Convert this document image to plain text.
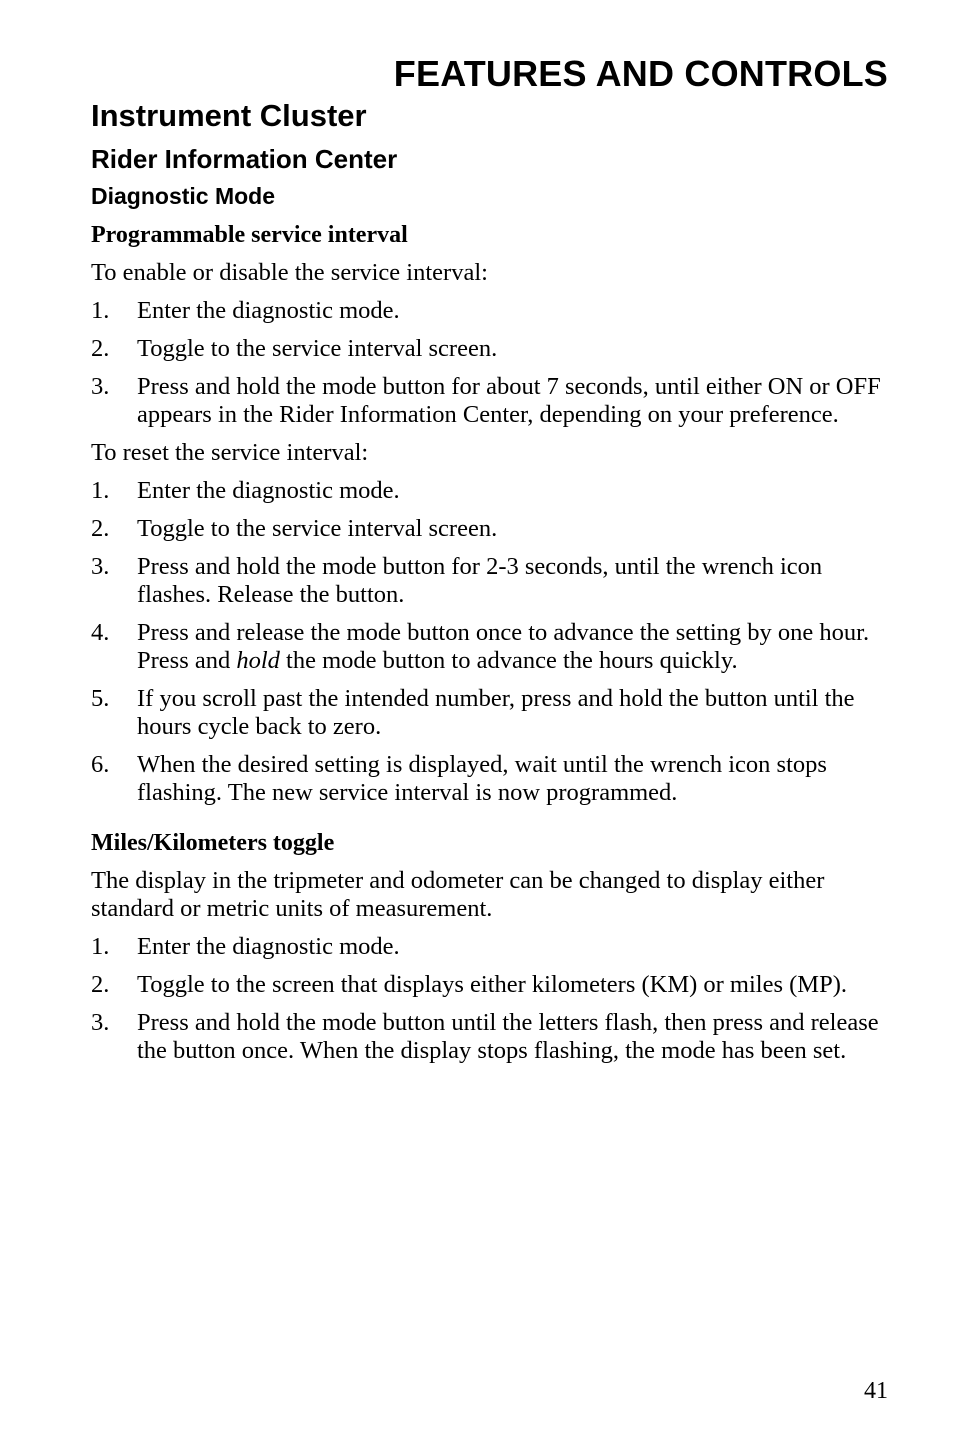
FEATURES AND CONTROLS
Instrument Cluster
Rider Information Center
Diagnostic Mode
Programmable service interval

To enable or disable the service interval:

1. Enter the diagnostic mode.
2. Toggle to the service interval screen.
3. Press and hold the mode button for about 7 seconds, until either ON or OFF appears in the Rider Information Center, depending on your preference.

To reset the service interval:

1. Enter the diagnostic mode.
2. Toggle to the service interval screen.
3. Press and hold the mode button for 2-3 seconds, until the wrench icon flashes. Release the button.
4. Press and release the mode button once to advance the setting by one hour. Press and hold the mode button to advance the hours quickly.
5. If you scroll past the intended number, press and hold the button until the hours cycle back to zero.
6. When the desired setting is displayed, wait until the wrench icon stops flashing. The new service interval is now programmed.
Miles/Kilometers toggle

The display in the tripmeter and odometer can be changed to display either standard or metric units of measurement.

1. Enter the diagnostic mode.
2. Toggle to the screen that displays either kilometers (KM) or miles (MP).
3. Press and hold the mode button until the letters flash, then press and release the button once. When the display stops flashing, the mode has been set.

41
